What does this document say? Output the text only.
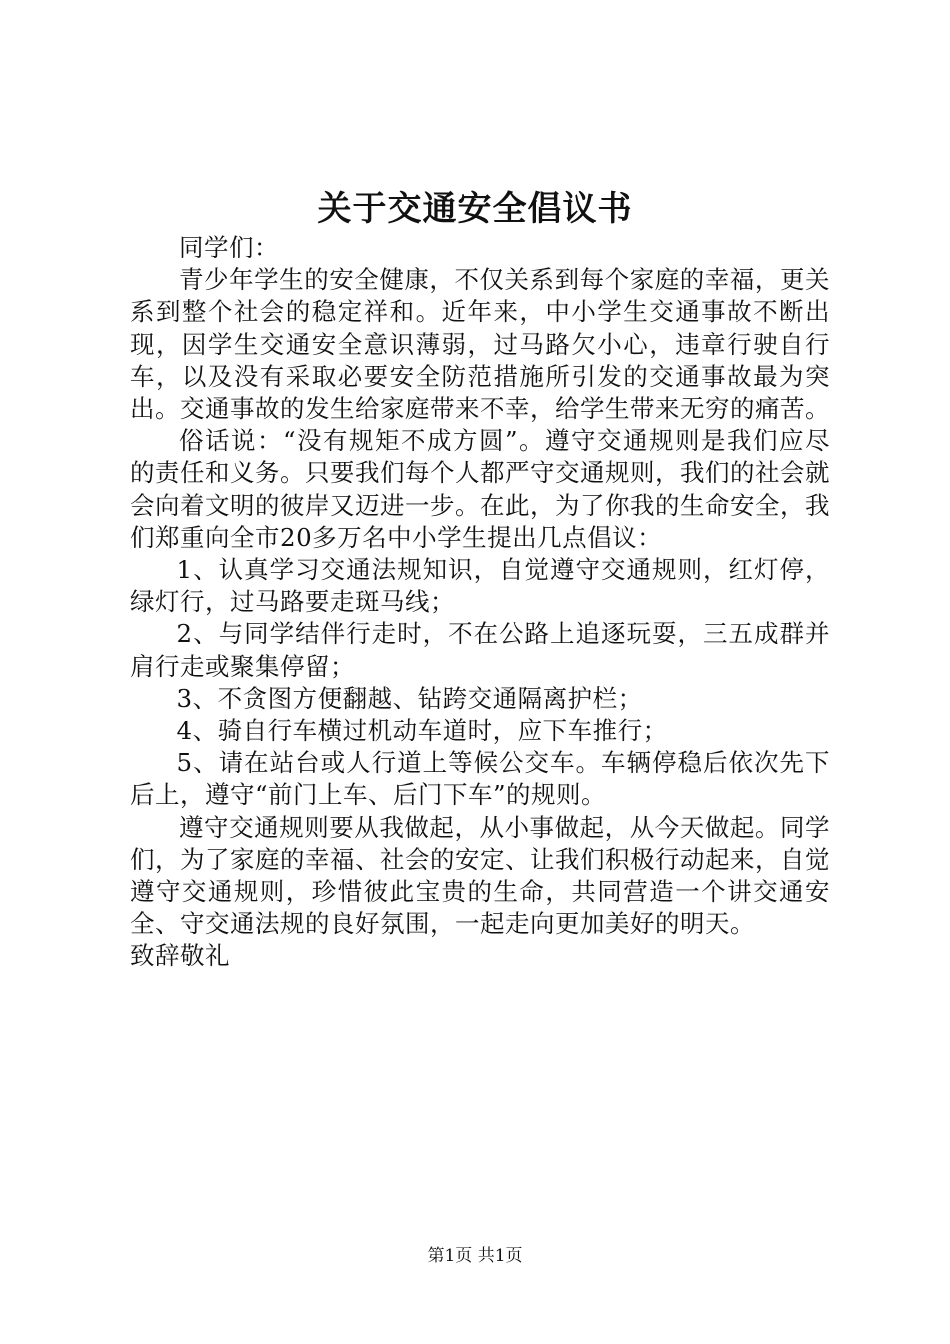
关于交通安全倡议书

同学们：

青少年学生的安全健康，不仅关系到每个家庭的幸福，更关系到整个社会的稳定祥和。近年来，中小学生交通事故不断出现，因学生交通安全意识薄弱，过马路欠小心，违章行驶自行车，以及没有采取必要安全防范措施所引发的交通事故最为突出。交通事故的发生给家庭带来不幸，给学生带来无穷的痛苦。

俗话说：“没有规矩不成方圆”。遵守交通规则是我们应尽的责任和义务。只要我们每个人都严守交通规则，我们的社会就会向着文明的彼岸又迈进一步。在此，为了你我的生命安全，我们郑重向全市20多万名中小学生提出几点倡议：

1、认真学习交通法规知识，自觉遵守交通规则，红灯停，绿灯行，过马路要走斑马线；

2、与同学结伴行走时，不在公路上追逐玩耍，三五成群并肩行走或聚集停留；

3、不贪图方便翻越、钻跨交通隔离护栏；

4、骑自行车横过机动车道时，应下车推行；

5、请在站台或人行道上等候公交车。车辆停稳后依次先下后上，遵守“前门上车、后门下车”的规则。

遵守交通规则要从我做起，从小事做起，从今天做起。同学们，为了家庭的幸福、社会的安定、让我们积极行动起来，自觉遵守交通规则，珍惜彼此宝贵的生命，共同营造一个讲交通安全、守交通法规的良好氛围，一起走向更加美好的明天。

致辞敬礼

第1页 共1页
